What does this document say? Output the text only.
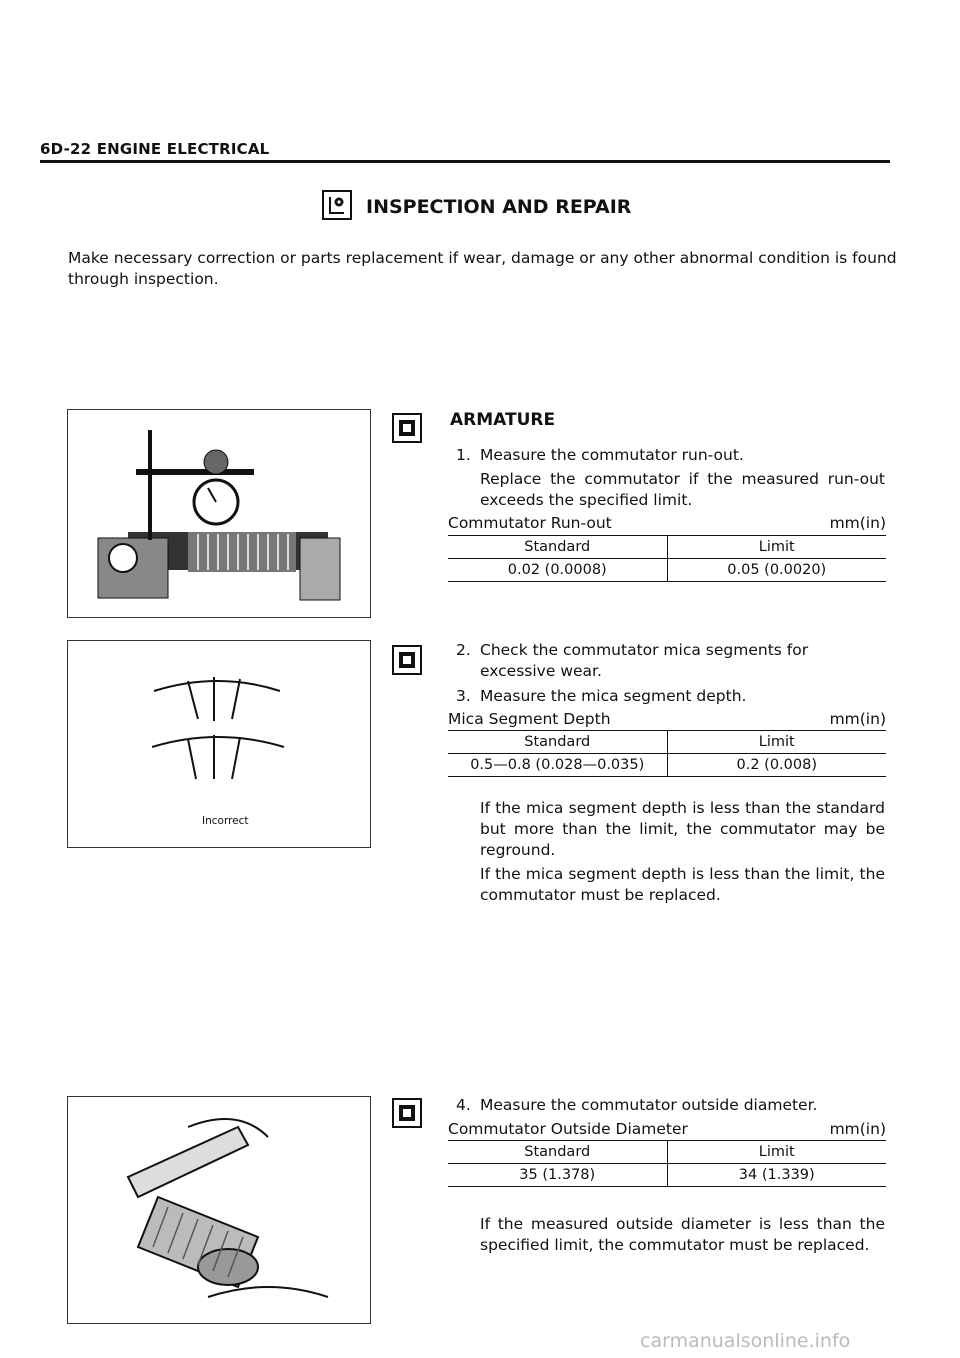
6D-22 ENGINE ELECTRICAL
INSPECTION AND REPAIR
Make necessary correction or parts replacement if wear, damage or any other abnormal condition is found through inspection.
Incorrect
ARMATURE
1. Measure the commutator run-out.
Replace the commutator if the measured run-out exceeds the specified limit.
Commutator Run-out	mm(in)
Standard	Limit
0.02 (0.0008)	0.05 (0.0020)
2. Check the commutator mica segments for excessive wear.
3. Measure the mica segment depth.
Mica Segment Depth	mm(in)
Standard	Limit
0.5—0.8 (0.028—0.035)	0.2 (0.008)
If the mica segment depth is less than the standard but more than the limit, the commutator may be reground.
If the mica segment depth is less than the limit, the commutator must be replaced.
4. Measure the commutator outside diameter.
Commutator Outside Diameter	mm(in)
Standard	Limit
35 (1.378)	34 (1.339)
If the measured outside diameter is less than the specified limit, the commutator must be replaced.
carmanualsonline.info
